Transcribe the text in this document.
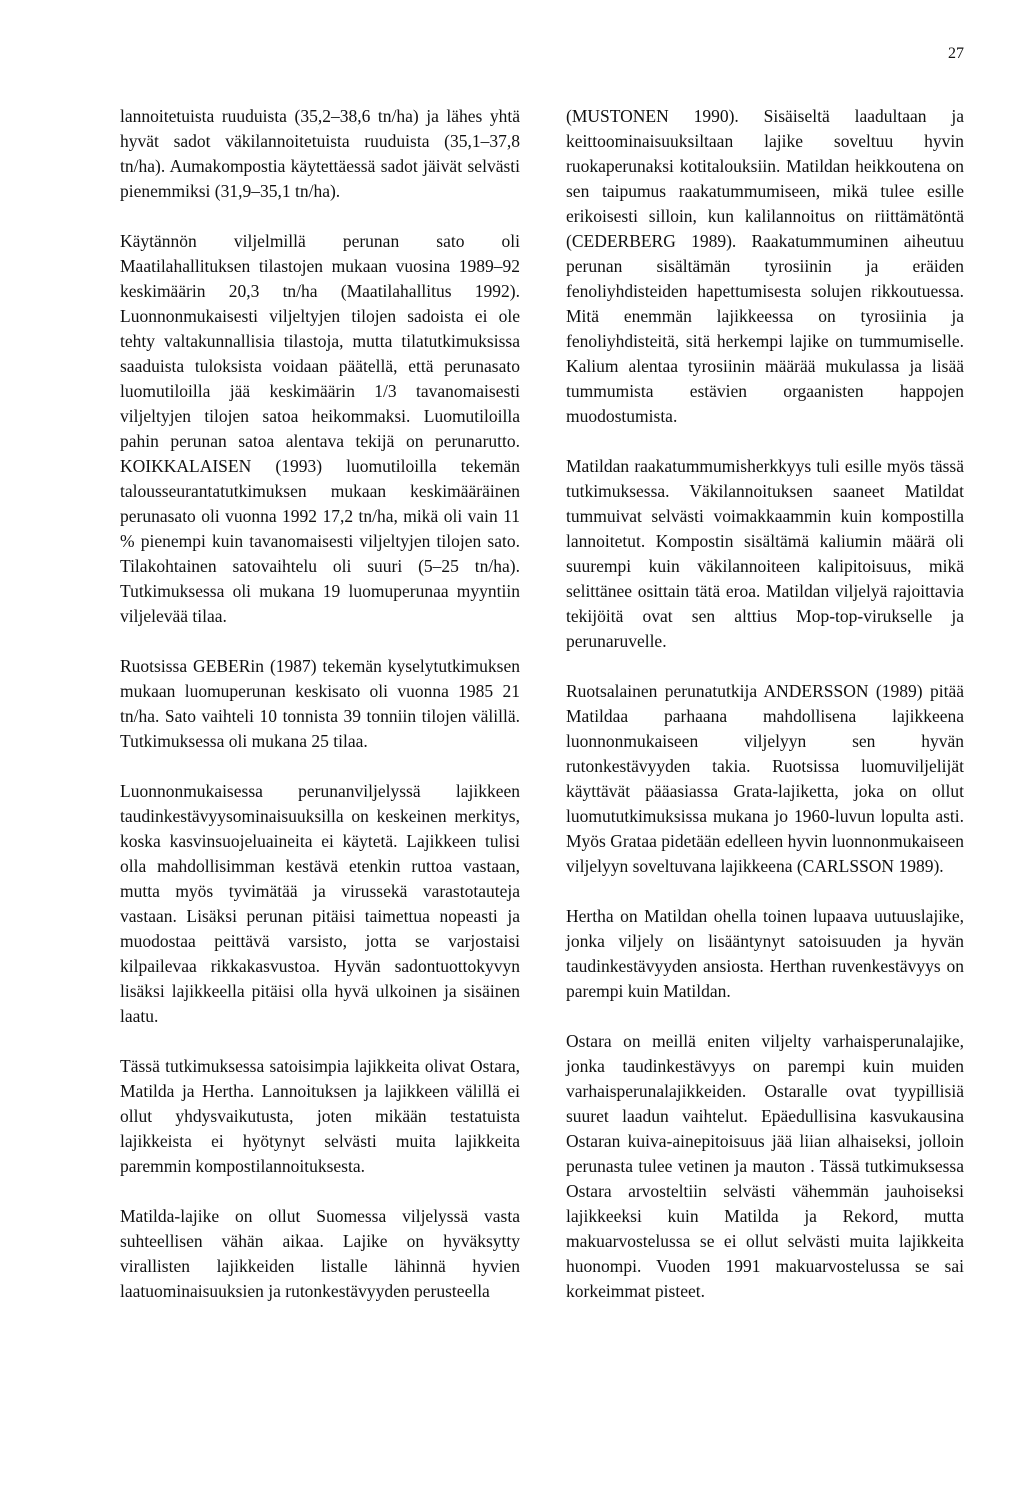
27

lannoitetuista ruuduista (35,2–38,6 tn/ha) ja lähes yhtä hyvät sadot väkilannoitetuista ruuduista (35,1–37,8 tn/ha). Aumakompostia käytettäessä sadot jäivät selvästi pienemmiksi (31,9–35,1 tn/ha).

Käytännön viljelmillä perunan sato oli Maatilahallituksen tilastojen mukaan vuosina 1989–92 keskimäärin 20,3 tn/ha (Maatilahallitus 1992). Luonnonmukaisesti viljeltyjen tilojen sadoista ei ole tehty valtakunnallisia tilastoja, mutta tilatutkimuksissa saaduista tuloksista voidaan päätellä, että perunasato luomutiloilla jää keskimäärin 1/3 tavanomaisesti viljeltyjen tilojen satoa heikommaksi. Luomutiloilla pahin perunan satoa alentava tekijä on perunarutto. KOIKKALAISEN (1993) luomutiloilla tekemän talousseurantatutkimuksen mukaan keskimääräinen perunasato oli vuonna 1992 17,2 tn/ha, mikä oli vain 11 % pienempi kuin tavanomaisesti viljeltyjen tilojen sato. Tilakohtainen satovaihtelu oli suuri (5–25 tn/ha). Tutkimuksessa oli mukana 19 luomuperunaa myyntiin viljelevää tilaa.

Ruotsissa GEBERin (1987) tekemän kyselytutkimuksen mukaan luomuperunan keskisato oli vuonna 1985 21 tn/ha. Sato vaihteli 10 tonnista 39 tonniin tilojen välillä. Tutkimuksessa oli mukana 25 tilaa.

Luonnonmukaisessa perunanviljelyssä lajikkeen taudinkestävyysominaisuuksilla on keskeinen merkitys, koska kasvinsuojeluaineita ei käytetä. Lajikkeen tulisi olla mahdollisimman kestävä etenkin ruttoa vastaan, mutta myös tyvimätää ja virussekä varastotauteja vastaan. Lisäksi perunan pitäisi taimettua nopeasti ja muodostaa peittävä varsisto, jotta se varjostaisi kilpailevaa rikkakasvustoa. Hyvän sadontuottokyvyn lisäksi lajikkeella pitäisi olla hyvä ulkoinen ja sisäinen laatu.

Tässä tutkimuksessa satoisimpia lajikkeita olivat Ostara, Matilda ja Hertha. Lannoituksen ja lajikkeen välillä ei ollut yhdysvaikutusta, joten mikään testatuista lajikkeista ei hyötynyt selvästi muita lajikkeita paremmin kompostilannoituksesta.

Matilda-lajike on ollut Suomessa viljelyssä vasta suhteellisen vähän aikaa. Lajike on hyväksytty virallisten lajikkeiden listalle lähinnä hyvien laatuominaisuuksien ja rutonkestävyyden perusteella

(MUSTONEN 1990). Sisäiseltä laadultaan ja keittoominaisuuksiltaan lajike soveltuu hyvin ruokaperunaksi kotitalouksiin. Matildan heikkoutena on sen taipumus raakatummumiseen, mikä tulee esille erikoisesti silloin, kun kalilannoitus on riittämätöntä (CEDERBERG 1989). Raakatummuminen aiheutuu perunan sisältämän tyrosiinin ja eräiden fenoliyhdisteiden hapettumisesta solujen rikkoutuessa. Mitä enemmän lajikkeessa on tyrosiinia ja fenoliyhdisteitä, sitä herkempi lajike on tummumiselle. Kalium alentaa tyrosiinin määrää mukulassa ja lisää tummumista estävien orgaanisten happojen muodostumista.

Matildan raakatummumisherkkyys tuli esille myös tässä tutkimuksessa. Väkilannoituksen saaneet Matildat tummuivat selvästi voimakkaammin kuin kompostilla lannoitetut. Kompostin sisältämä kaliumin määrä oli suurempi kuin väkilannoiteen kalipitoisuus, mikä selittänee osittain tätä eroa. Matildan viljelyä rajoittavia tekijöitä ovat sen alttius Mop-top-virukselle ja perunaruvelle.

Ruotsalainen perunatutkija ANDERSSON (1989) pitää Matildaa parhaana mahdollisena lajikkeena luonnonmukaiseen viljelyyn sen hyvän rutonkestävyyden takia. Ruotsissa luomuviljelijät käyttävät pääasiassa Grata-lajiketta, joka on ollut luomututkimuksissa mukana jo 1960-luvun lopulta asti. Myös Grataa pidetään edelleen hyvin luonnonmukaiseen viljelyyn soveltuvana lajikkeena (CARLSSON 1989).

Hertha on Matildan ohella toinen lupaava uutuuslajike, jonka viljely on lisääntynyt satoisuuden ja hyvän taudinkestävyyden ansiosta. Herthan ruvenkestävyys on parempi kuin Matildan.

Ostara on meillä eniten viljelty varhaisperunalajike, jonka taudinkestävyys on parempi kuin muiden varhaisperunalajikkeiden. Ostaralle ovat tyypillisiä suuret laadun vaihtelut. Epäedullisina kasvukausina Ostaran kuiva-ainepitoisuus jää liian alhaiseksi, jolloin perunasta tulee vetinen ja mauton . Tässä tutkimuksessa Ostara arvosteltiin selvästi vähemmän jauhoiseksi lajikkeeksi kuin Matilda ja Rekord, mutta makuarvostelussa se ei ollut selvästi muita lajikkeita huonompi. Vuoden 1991 makuarvostelussa se sai korkeimmat pisteet.
